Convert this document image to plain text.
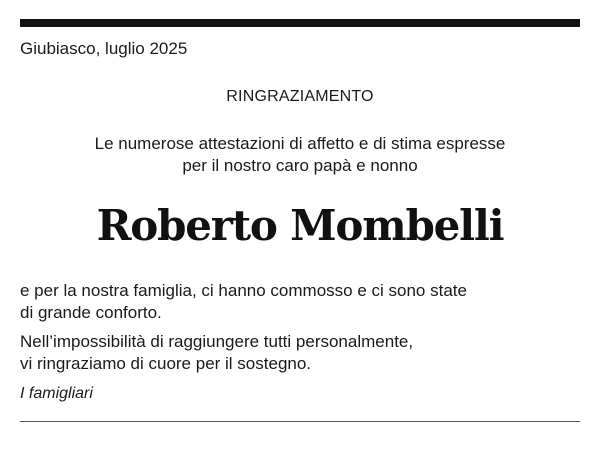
Giubiasco, luglio 2025
RINGRAZIAMENTO
Le numerose attestazioni di affetto e di stima espresse
per il nostro caro papà e nonno
Roberto Mombelli
e per la nostra famiglia, ci hanno commosso e ci sono state
di grande conforto.
Nell’impossibilità di raggiungere tutti personalmente,
vi ringraziamo di cuore per il sostegno.
I famigliari
